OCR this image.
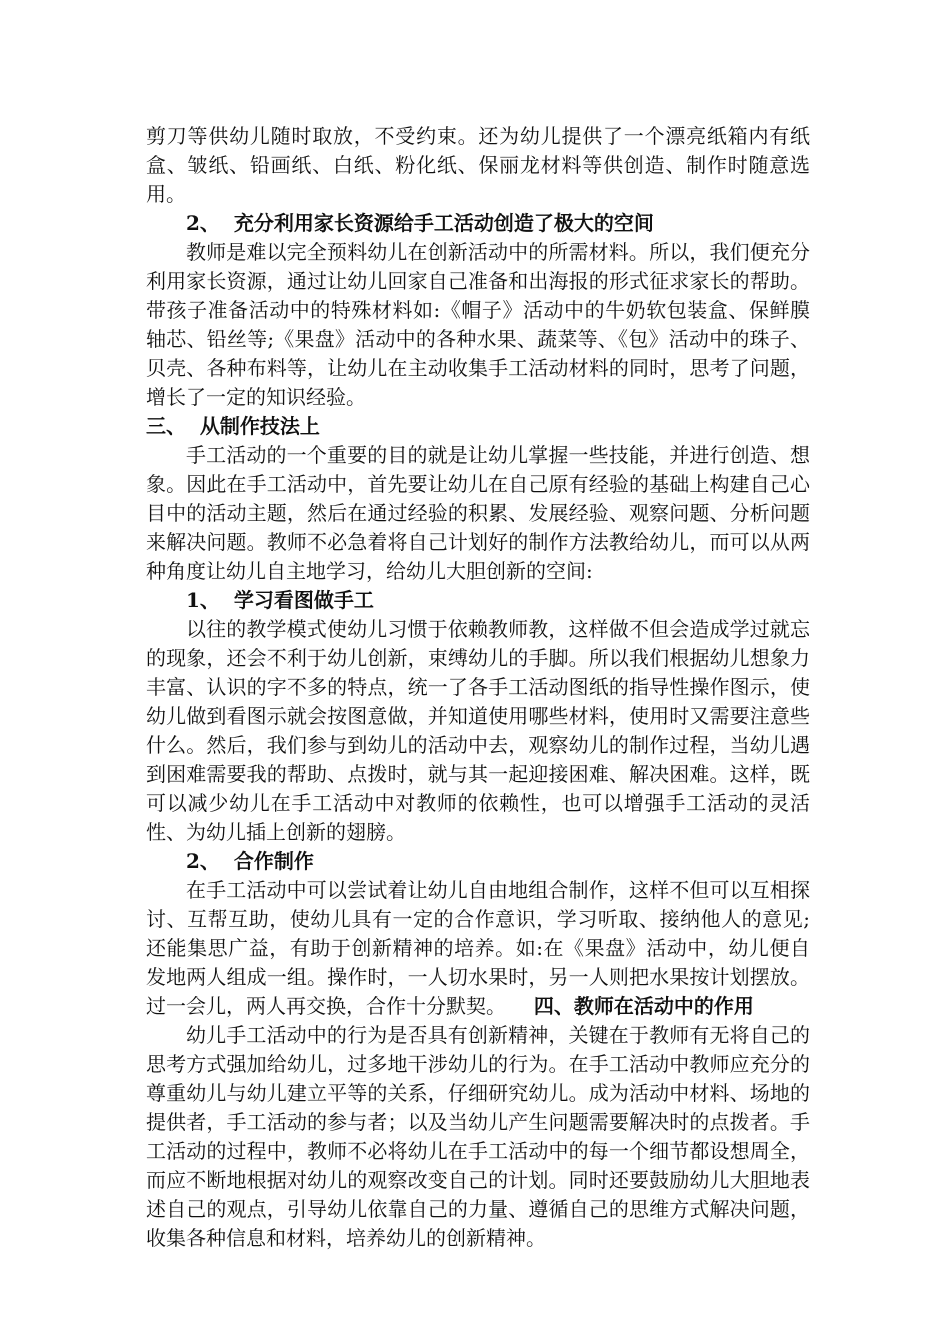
剪刀等供幼儿随时取放，不受约束。还为幼儿提供了一个漂亮纸箱内有纸盒、皱纸、铅画纸、白纸、粉化纸、保丽龙材料等供创造、制作时随意选用。

2、  充分利用家长资源给手工活动创造了极大的空间

教师是难以完全预料幼儿在创新活动中的所需材料。所以，我们便充分利用家长资源，通过让幼儿回家自己准备和出海报的形式征求家长的帮助。带孩子准备活动中的特殊材料如:《帽子》活动中的牛奶软包装盒、保鲜膜轴芯、铅丝等;《果盘》活动中的各种水果、蔬菜等、《包》活动中的珠子、贝壳、各种布料等，让幼儿在主动收集手工活动材料的同时，思考了问题，增长了一定的知识经验。

三、  从制作技法上

手工活动的一个重要的目的就是让幼儿掌握一些技能，并进行创造、想象。因此在手工活动中，首先要让幼儿在自己原有经验的基础上构建自己心目中的活动主题，然后在通过经验的积累、发展经验、观察问题、分析问题来解决问题。教师不必急着将自己计划好的制作方法教给幼儿，而可以从两种角度让幼儿自主地学习，给幼儿大胆创新的空间:

1、  学习看图做手工

以往的教学模式使幼儿习惯于依赖教师教，这样做不但会造成学过就忘的现象，还会不利于幼儿创新，束缚幼儿的手脚。所以我们根据幼儿想象力丰富、认识的字不多的特点，统一了各手工活动图纸的指导性操作图示，使幼儿做到看图示就会按图意做，并知道使用哪些材料，使用时又需要注意些什么。然后，我们参与到幼儿的活动中去，观察幼儿的制作过程，当幼儿遇到困难需要我的帮助、点拨时，就与其一起迎接困难、解决困难。这样，既可以减少幼儿在手工活动中对教师的依赖性，也可以增强手工活动的灵活性、为幼儿插上创新的翅膀。

2、  合作制作

在手工活动中可以尝试着让幼儿自由地组合制作，这样不但可以互相探讨、互帮互助，使幼儿具有一定的合作意识，学习听取、接纳他人的意见;还能集思广益，有助于创新精神的培养。如:在《果盘》活动中，幼儿便自发地两人组成一组。操作时，一人切水果时，另一人则把水果按计划摆放。过一会儿，两人再交换，合作十分默契。    四、教师在活动中的作用

幼儿手工活动中的行为是否具有创新精神，关键在于教师有无将自己的思考方式强加给幼儿，过多地干涉幼儿的行为。在手工活动中教师应充分的尊重幼儿与幼儿建立平等的关系，仔细研究幼儿。成为活动中材料、场地的提供者，手工活动的参与者；以及当幼儿产生问题需要解决时的点拨者。手工活动的过程中，教师不必将幼儿在手工活动中的每一个细节都设想周全，而应不断地根据对幼儿的观察改变自己的计划。同时还要鼓励幼儿大胆地表述自己的观点，引导幼儿依靠自己的力量、遵循自己的思维方式解决问题，收集各种信息和材料，培养幼儿的创新精神。
